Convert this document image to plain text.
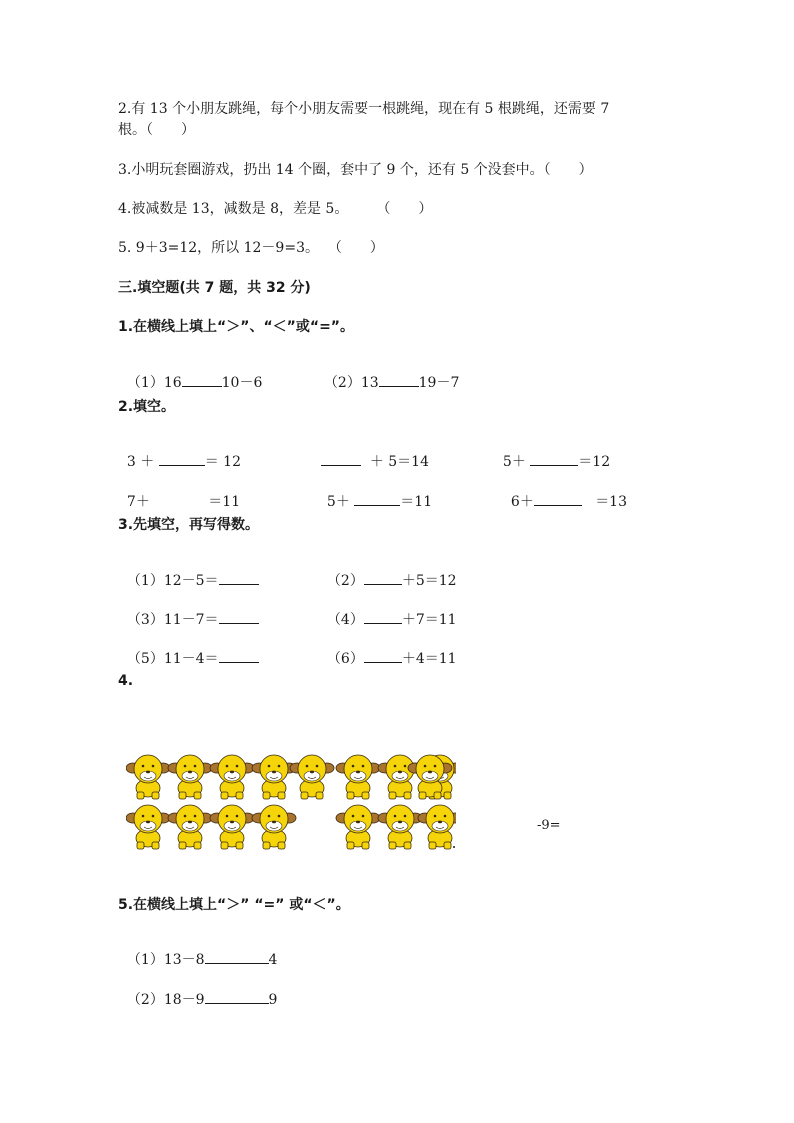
2.有 13 个小朋友跳绳，每个小朋友需要一根跳绳，现在有 5 根跳绳，还需要 7
根。（　　）
3.小明玩套圈游戏，扔出 14 个圈，套中了 9 个，还有 5 个没套中。（　　）
4.被减数是 13，减数是 8，差是 5。　　　（　　）
5. 9＋3=12，所以 12－9=3。  （　　）
三.填空题(共 7 题，共 32 分)
1.在横线上填上“＞”、“＜”或“=”。

（1）16	10－6	（2）13	19－7

2.填空。

3 ＋	＝ 12	＋ 5＝14	5＋	＝12

7＋	＝11	5＋	＝11	6＋	＝13

3.先填空，再写得数。

（1）12－5＝	（2）	＋5＝12

（3）11－7＝	（4）	＋7＝11

（5）11－4＝	（6）	＋4＝11

4.
-9=
5.在横线上填上“＞” “=” 或“＜”。

（1）13－8	4

（2）18－9	9
